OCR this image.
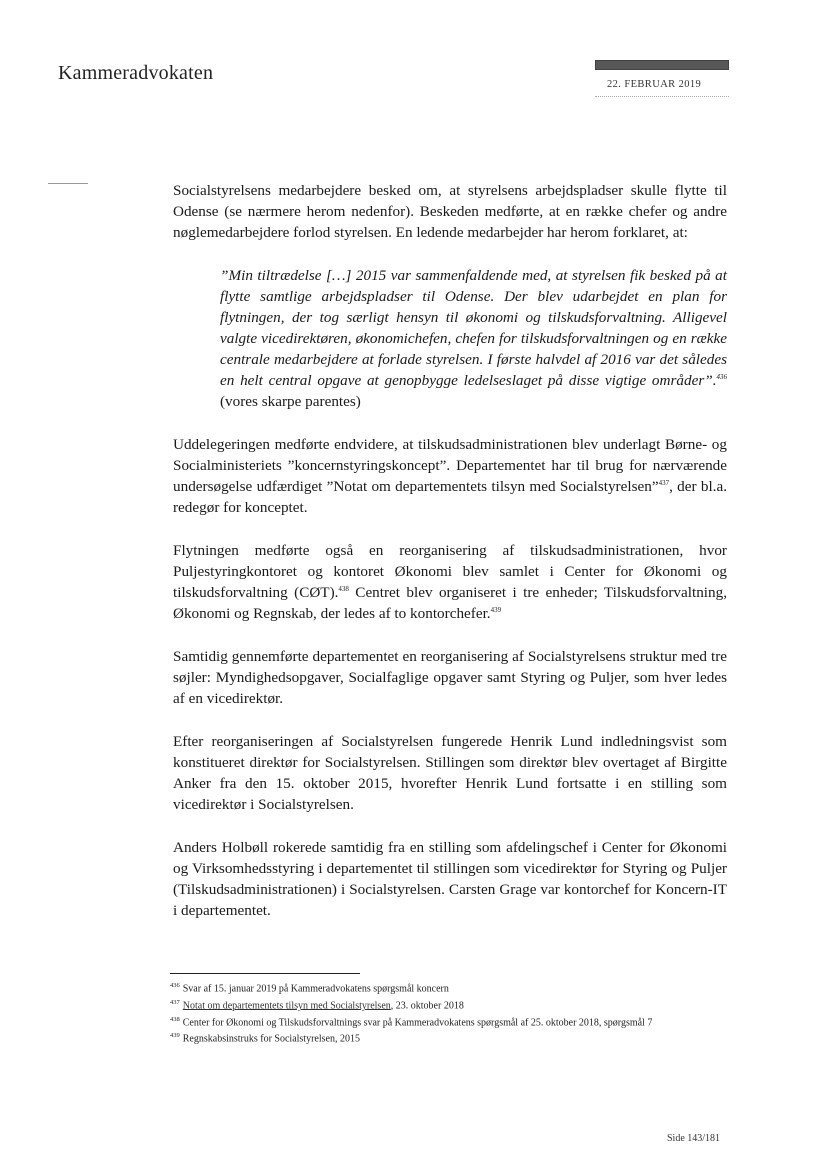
Kammeradvokaten
22. FEBRUAR 2019

Socialstyrelsens medarbejdere besked om, at styrelsens arbejdspladser skulle flytte til Odense (se nærmere herom nedenfor). Beskeden medførte, at en række chefer og andre nøglemedarbejdere forlod styrelsen. En ledende medarbejder har herom forklaret, at:

”Min tiltrædelse […] 2015 var sammenfaldende med, at styrelsen fik besked på at flytte samtlige arbejdspladser til Odense. Der blev udarbejdet en plan for flytningen, der tog særligt hensyn til økonomi og tilskudsforvaltning. Alligevel valgte vicedirektøren, økonomichefen, chefen for tilskudsforvaltningen og en række centrale medarbejdere at forlade styrelsen. I første halvdel af 2016 var det således en helt central opgave at genopbygge ledelseslaget på disse vigtige områder”.$^{436}$ (vores skarpe parentes)

Uddelegeringen medførte endvidere, at tilskudsadministrationen blev underlagt Børne- og Socialministeriets ”koncernstyringskoncept”. Departementet har til brug for nærværende undersøgelse udfærdiget ”Notat om departementets tilsyn med Socialstyrelsen”$^{437}$, der bl.a. redegør for konceptet.

Flytningen medførte også en reorganisering af tilskudsadministrationen, hvor Puljestyringkontoret og kontoret Økonomi blev samlet i Center for Økonomi og tilskudsforvaltning (CØT).$^{438}$ Centret blev organiseret i tre enheder; Tilskudsforvaltning, Økonomi og Regnskab, der ledes af to kontorchefer.$^{439}$

Samtidig gennemførte departementet en reorganisering af Socialstyrelsens struktur med tre søjler: Myndighedsopgaver, Socialfaglige opgaver samt Styring og Puljer, som hver ledes af en vicedirektør.

Efter reorganiseringen af Socialstyrelsen fungerede Henrik Lund indledningsvist som konstitueret direktør for Socialstyrelsen. Stillingen som direktør blev overtaget af Birgitte Anker fra den 15. oktober 2015, hvorefter Henrik Lund fortsatte i en stilling som vicedirektør i Socialstyrelsen.

Anders Holbøll rokerede samtidig fra en stilling som afdelingschef i Center for Økonomi og Virksomhedsstyring i departementet til stillingen som vicedirektør for Styring og Puljer (Tilskudsadministrationen) i Socialstyrelsen. Carsten Grage var kontorchef for Koncern-IT i departementet.

$^{436}$ Svar af 15. januar 2019 på Kammeradvokatens spørgsmål koncern
$^{437}$ Notat om departementets tilsyn med Socialstyrelsen, 23. oktober 2018
$^{438}$ Center for Økonomi og Tilskudsforvaltnings svar på Kammeradvokatens spørgsmål af 25. oktober 2018, spørgsmål 7
$^{439}$ Regnskabsinstruks for Socialstyrelsen, 2015
Side 143/181
